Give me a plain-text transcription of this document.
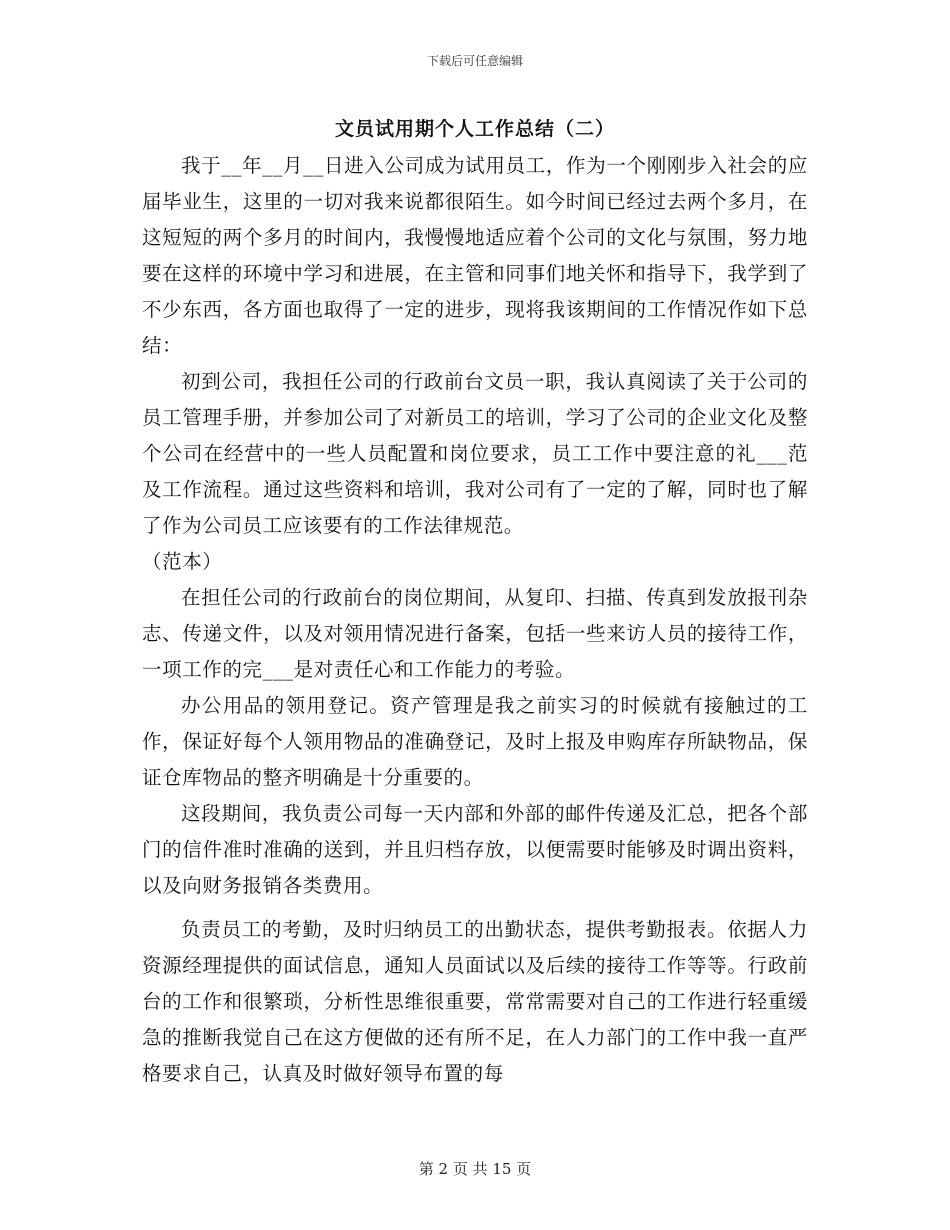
下载后可任意编辑
文员试用期个人工作总结（二）

我于__年__月__日进入公司成为试用员工，作为一个刚刚步入社会的应届毕业生，这里的一切对我来说都很陌生。如今时间已经过去两个多月，在这短短的两个多月的时间内，我慢慢地适应着个公司的文化与氛围，努力地要在这样的环境中学习和进展，在主管和同事们地关怀和指导下，我学到了不少东西，各方面也取得了一定的进步，现将我该期间的工作情况作如下总结：

初到公司，我担任公司的行政前台文员一职，我认真阅读了关于公司的员工管理手册，并参加公司了对新员工的培训，学习了公司的企业文化及整个公司在经营中的一些人员配置和岗位要求，员工工作中要注意的礼___范及工作流程。通过这些资料和培训，我对公司有了一定的了解，同时也了解了作为公司员工应该要有的工作法律规范。

（范本）

在担任公司的行政前台的岗位期间，从复印、扫描、传真到发放报刊杂志、传递文件，以及对领用情况进行备案，包括一些来访人员的接待工作，一项工作的完___是对责任心和工作能力的考验。

办公用品的领用登记。资产管理是我之前实习的时候就有接触过的工作，保证好每个人领用物品的准确登记，及时上报及申购库存所缺物品，保证仓库物品的整齐明确是十分重要的。

这段期间，我负责公司每一天内部和外部的邮件传递及汇总，把各个部门的信件准时准确的送到，并且归档存放，以便需要时能够及时调出资料，以及向财务报销各类费用。

负责员工的考勤，及时归纳员工的出勤状态，提供考勤报表。依据人力资源经理提供的面试信息，通知人员面试以及后续的接待工作等等。行政前台的工作和很繁琐，分析性思维很重要，常常需要对自己的工作进行轻重缓急的推断我觉自己在这方便做的还有所不足，在人力部门的工作中我一直严格要求自己，认真及时做好领导布置的每

第 2 页 共 15 页
